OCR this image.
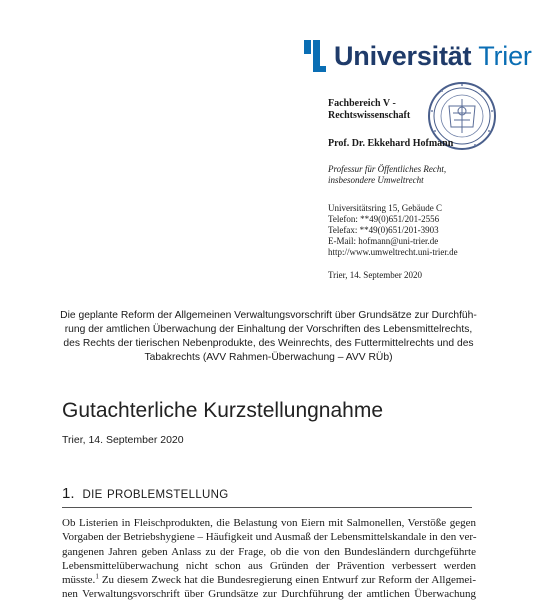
Universität Trier
Fachbereich V -
Rechtswissenschaft
Prof. Dr. Ekkehard Hofmann
Professur für Öffentliches Recht,
insbesondere Umweltrecht
Universitätsring 15, Gebäude C
Telefon: **49(0)651/201-2556
Telefax: **49(0)651/201-3903
E-Mail: hofmann@uni-trier.de
http://www.umweltrecht.uni-trier.de
Trier, 14. September 2020
Die geplante Reform der Allgemeinen Verwaltungsvorschrift über Grundsätze zur Durchfüh-
rung der amtlichen Überwachung der Einhaltung der Vorschriften des Lebensmittelrechts,
des Rechts der tierischen Nebenprodukte, des Weinrechts, des Futtermittelrechts und des
Tabakrechts (AVV Rahmen-Überwachung – AVV RÜb)
Gutachterliche Kurzstellungnahme
Trier, 14. September 2020
1. DIE PROBLEMSTELLUNG
Ob Listerien in Fleischprodukten, die Belastung von Eiern mit Salmonellen, Verstöße gegen
Vorgaben der Betriebshygiene – Häufigkeit und Ausmaß der Lebensmittelskandale in den ver-
gangenen Jahren geben Anlass zu der Frage, ob die von den Bundesländern durchgeführte
Lebensmittelüberwachung nicht schon aus Gründen der Prävention verbessert werden
müsste.$^1$ Zu diesem Zweck hat die Bundesregierung einen Entwurf zur Reform der Allgemei-
nen Verwaltungsvorschrift über Grundsätze zur Durchführung der amtlichen Überwachung
